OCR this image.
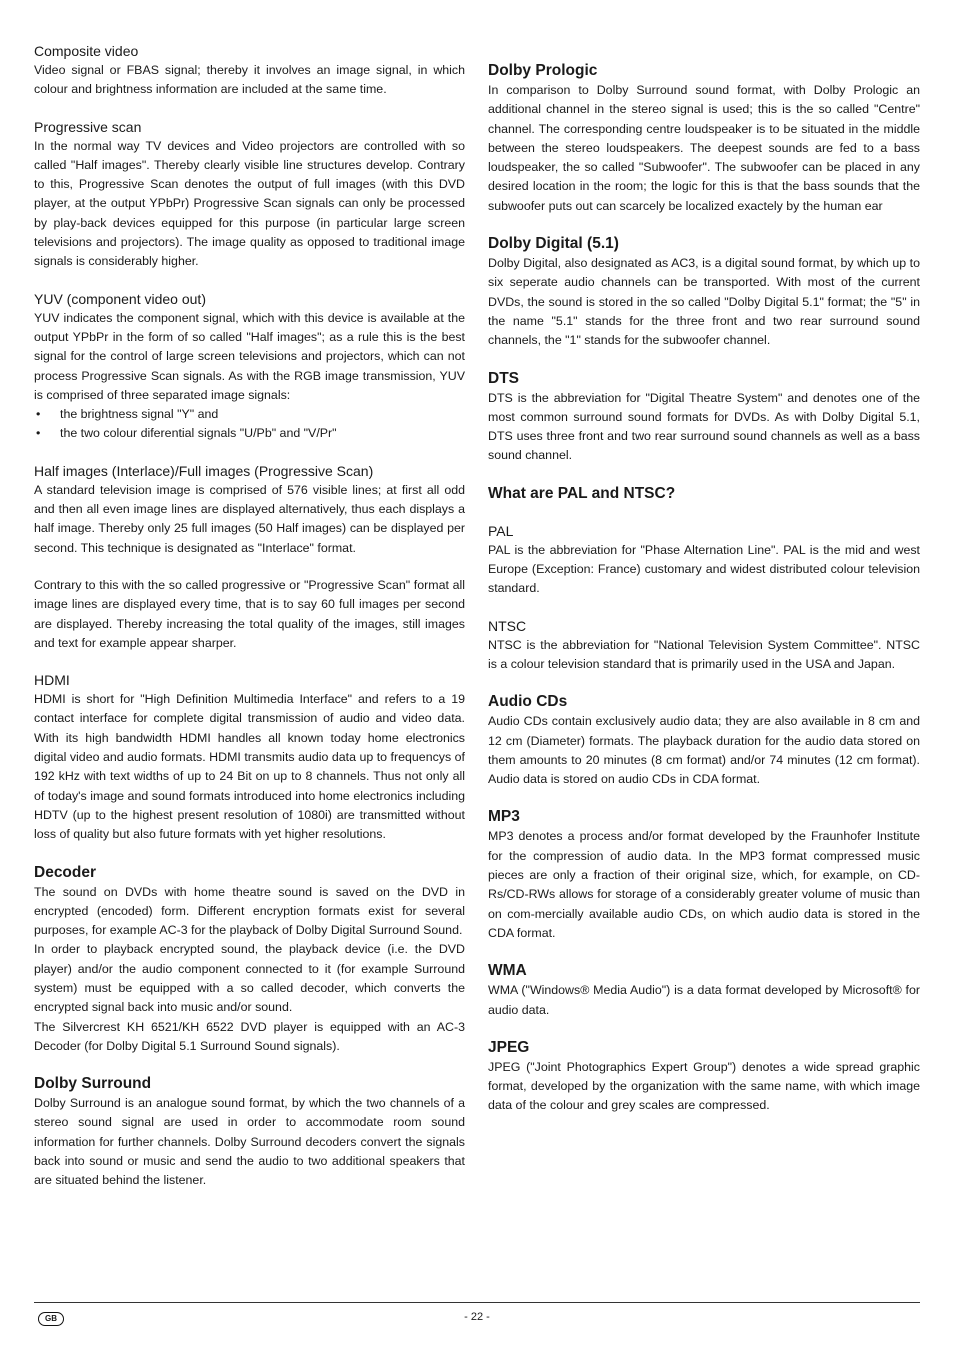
Composite video

Video signal or FBAS signal; thereby it involves an image signal, in which colour and brightness information are included at the same time.

Progressive scan

In the normal way TV devices and Video projectors are controlled with so called "Half images". Thereby clearly visible line structures develop. Contrary to this, Progressive Scan denotes the output of full images (with this DVD player, at the output YPbPr) Progressive Scan signals can only be processed by play-back devices equipped for this purpose (in particular large screen televisions and projectors). The image quality as opposed to traditional image signals is considerably higher.

YUV (component video out)

YUV indicates the component signal, which with this device is available at the output YPbPr in the form of so called "Half images"; as a rule this is the best signal for the control of large screen televisions and projectors, which can not process Progressive Scan signals. As with the RGB image transmission, YUV is comprised of three separated image signals:

• the brightness signal "Y" and
• the two colour diferential signals "U/Pb" and "V/Pr"
Half images (Interlace)/Full images (Progressive Scan)

A standard television image is comprised of 576 visible lines; at first all odd and then all even image lines are displayed alternatively, thus each displays a half image. Thereby only 25 full images (50 Half images) can be displayed per second. This technique is designated as "Interlace" format.

Contrary to this with the so called progressive or "Progressive Scan" format all image lines are displayed every time, that is to say 60 full images per second are displayed. Thereby increasing the total quality of the images, still images and text for example appear sharper.

HDMI

HDMI is short for "High Definition Multimedia Interface" and refers to a 19 contact interface for complete digital transmission of audio and video data. With its high bandwidth HDMI handles all known today home electronics digital video and audio formats. HDMI transmits audio data up to frequencys of 192 kHz with text widths of up to 24 Bit on up to 8 channels. Thus not only all of today's image and sound formats introduced into home electronics including HDTV (up to the highest present resolution of 1080i) are transmitted without loss of quality but also future formats with yet higher resolutions.

Decoder

The sound on DVDs with home theatre sound is saved on the DVD in encrypted (encoded) form. Different encryption formats exist for several purposes, for example AC-3 for the playback of Dolby Digital Surround Sound.

In order to playback encrypted sound, the playback device (i.e. the DVD player) and/or the audio component connected to it (for example Surround system) must be equipped with a so called decoder, which converts the encrypted signal back into music and/or sound.

The Silvercrest KH 6521/KH 6522 DVD player is equipped with an AC-3 Decoder (for Dolby Digital 5.1 Surround Sound signals).

Dolby Surround

Dolby Surround is an analogue sound format, by which the two channels of a stereo sound signal are used in order to accommodate room sound information for further channels. Dolby Surround decoders convert the signals back into sound or music and send the audio to two additional speakers that are situated behind the listener.

Dolby Prologic

In comparison to Dolby Surround sound format, with Dolby Prologic an additional channel in the stereo signal is used; this is the so called "Centre" channel. The corresponding centre loudspeaker is to be situated in the middle between the stereo loudspeakers. The deepest sounds are fed to a bass loudspeaker, the so called "Subwoofer". The subwoofer can be placed in any desired location in the room; the logic for this is that the bass sounds that the subwoofer puts out can scarcely be localized exactely by the human ear

Dolby Digital (5.1)

Dolby Digital, also designated as AC3, is a digital sound format, by which up to six seperate audio channels can be transported. With most of the current DVDs, the sound is stored in the so called "Dolby Digital 5.1" format; the "5" in the name "5.1" stands for the three front and two rear surround sound channels, the "1" stands for the subwoofer channel.

DTS

DTS is the abbreviation for "Digital Theatre System" and denotes one of the most common surround sound formats for DVDs. As with Dolby Digital 5.1, DTS uses three front and two rear surround sound channels as well as a bass sound channel.

What are PAL and NTSC?
PAL

PAL is the abbreviation for "Phase Alternation Line". PAL is the mid and west Europe (Exception: France) customary and widest distributed colour television standard.

NTSC

NTSC is the abbreviation for "National Television System Committee". NTSC is a colour television standard that is primarily used in the USA and Japan.

Audio CDs

Audio CDs contain exclusively audio data; they are also available in 8 cm and 12 cm (Diameter) formats. The playback duration for the audio data stored on them amounts to 20 minutes (8 cm format) and/or 74 minutes (12 cm format). Audio data is stored on audio CDs in CDA format.

MP3

MP3 denotes a process and/or format developed by the Fraunhofer Institute for the compression of audio data. In the MP3 format compressed music pieces are only a fraction of their original size, which, for example, on CD-Rs/CD-RWs allows for storage of a considerably greater volume of music than on com-mercially available audio CDs, on which audio data is stored in the CDA format.

WMA

WMA ("Windows® Media Audio") is a data format developed by Microsoft® for audio data.

JPEG

JPEG ("Joint Photographics Expert Group") denotes a wide spread graphic format, developed by the organization with the same name, with which image data of the colour and grey scales are compressed.

GB	- 22 -
